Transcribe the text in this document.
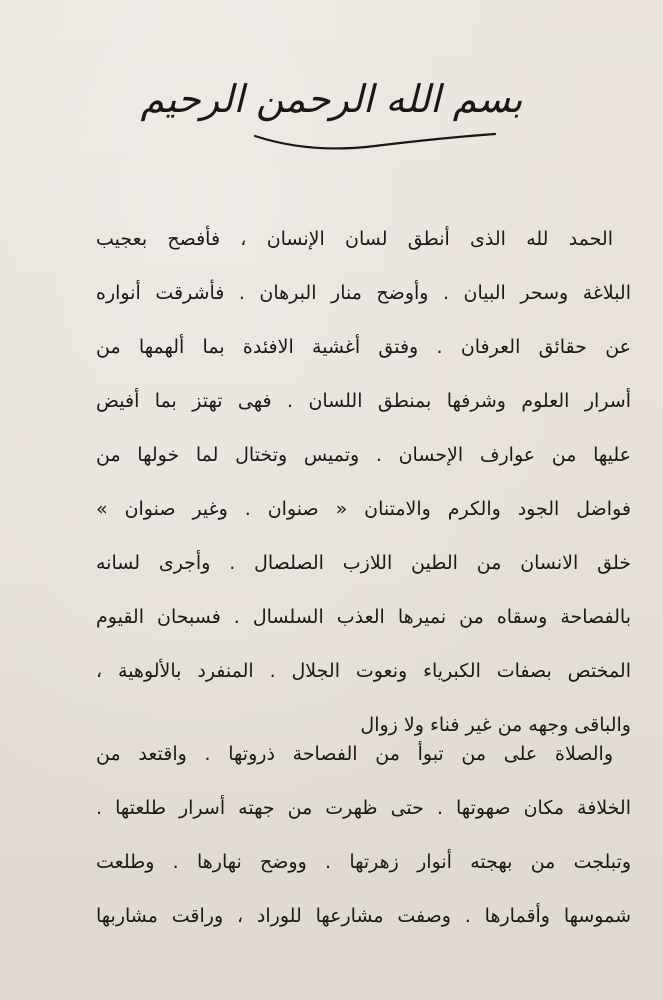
بسم الله الرحمن الرحيم
الحمد لله الذى أنطق لسان الإنسان ، فأفصح بعجيب
البلاغة وسحر البيان . وأوضح منار البرهان . فأشرقت أنواره
عن حقائق العرفان . وفتق أغشية الافئدة بما ألهمها من
أسرار العلوم وشرفها بمنطق اللسان . فهى تهتز بما أفيض
عليها من عوارف الإحسان . وتميس وتختال لما خولها من
فواضل الجود والكرم والامتنان « صنوان . وغير صنوان »
خلق الانسان من الطين اللازب الصلصال . وأجرى لسانه
بالفصاحة وسقاه من نميرها العذب السلسال . فسبحان القيوم
المختص بصفات الكبرياء ونعوت الجلال . المنفرد بالألوهية ،
والباقى وجهه من غير فناء ولا زوال
والصلاة على من تبوأ من الفصاحة ذروتها . واقتعد من
الخلافة مكان صهوتها . حتى ظهرت من جهته أسرار طلعتها .
وتبلجت من بهجته أنوار زهرتها . ووضح نهارها . وطلعت
شموسها وأقمارها . وصفت مشارعها للوراد ، وراقت مشاربها
